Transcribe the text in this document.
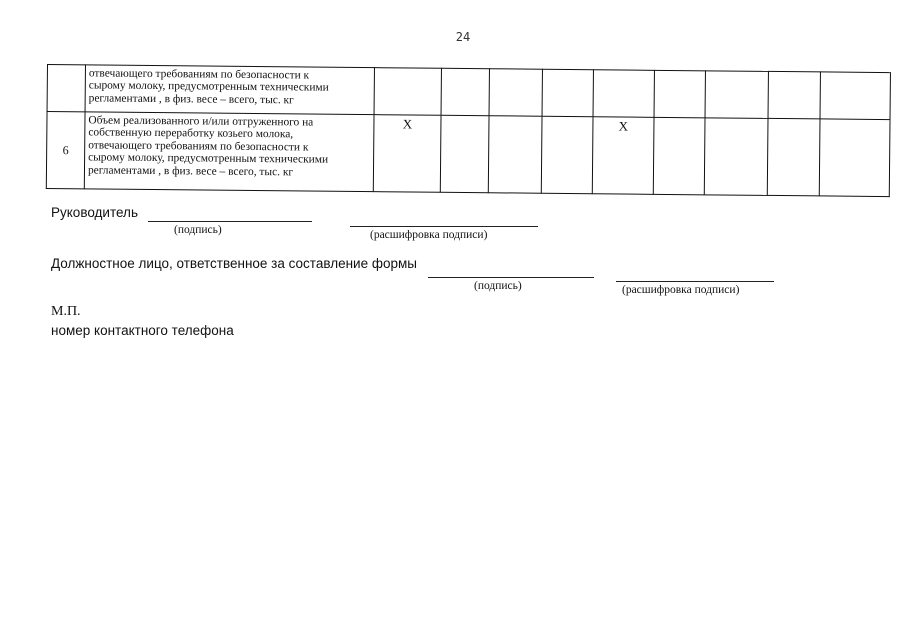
24

	отвечающего требованиям по безопасности к
сырому молоку, предусмотренным техническими
регламентами , в физ. весе – всего, тыс. кг									

6	Объем реализованного и/или отгруженного на
собственную переработку козьего молока,
отвечающего требованиям по безопасности к
сырому молоку, предусмотренным техническими
регламентами , в физ. весе – всего, тыс. кг	X				X				
Руководитель
(подпись)	(расшифровка подписи)
Должностное лицо, ответственное за составление формы
(подпись)	(расшифровка подписи)
М.П.
номер контактного телефона
